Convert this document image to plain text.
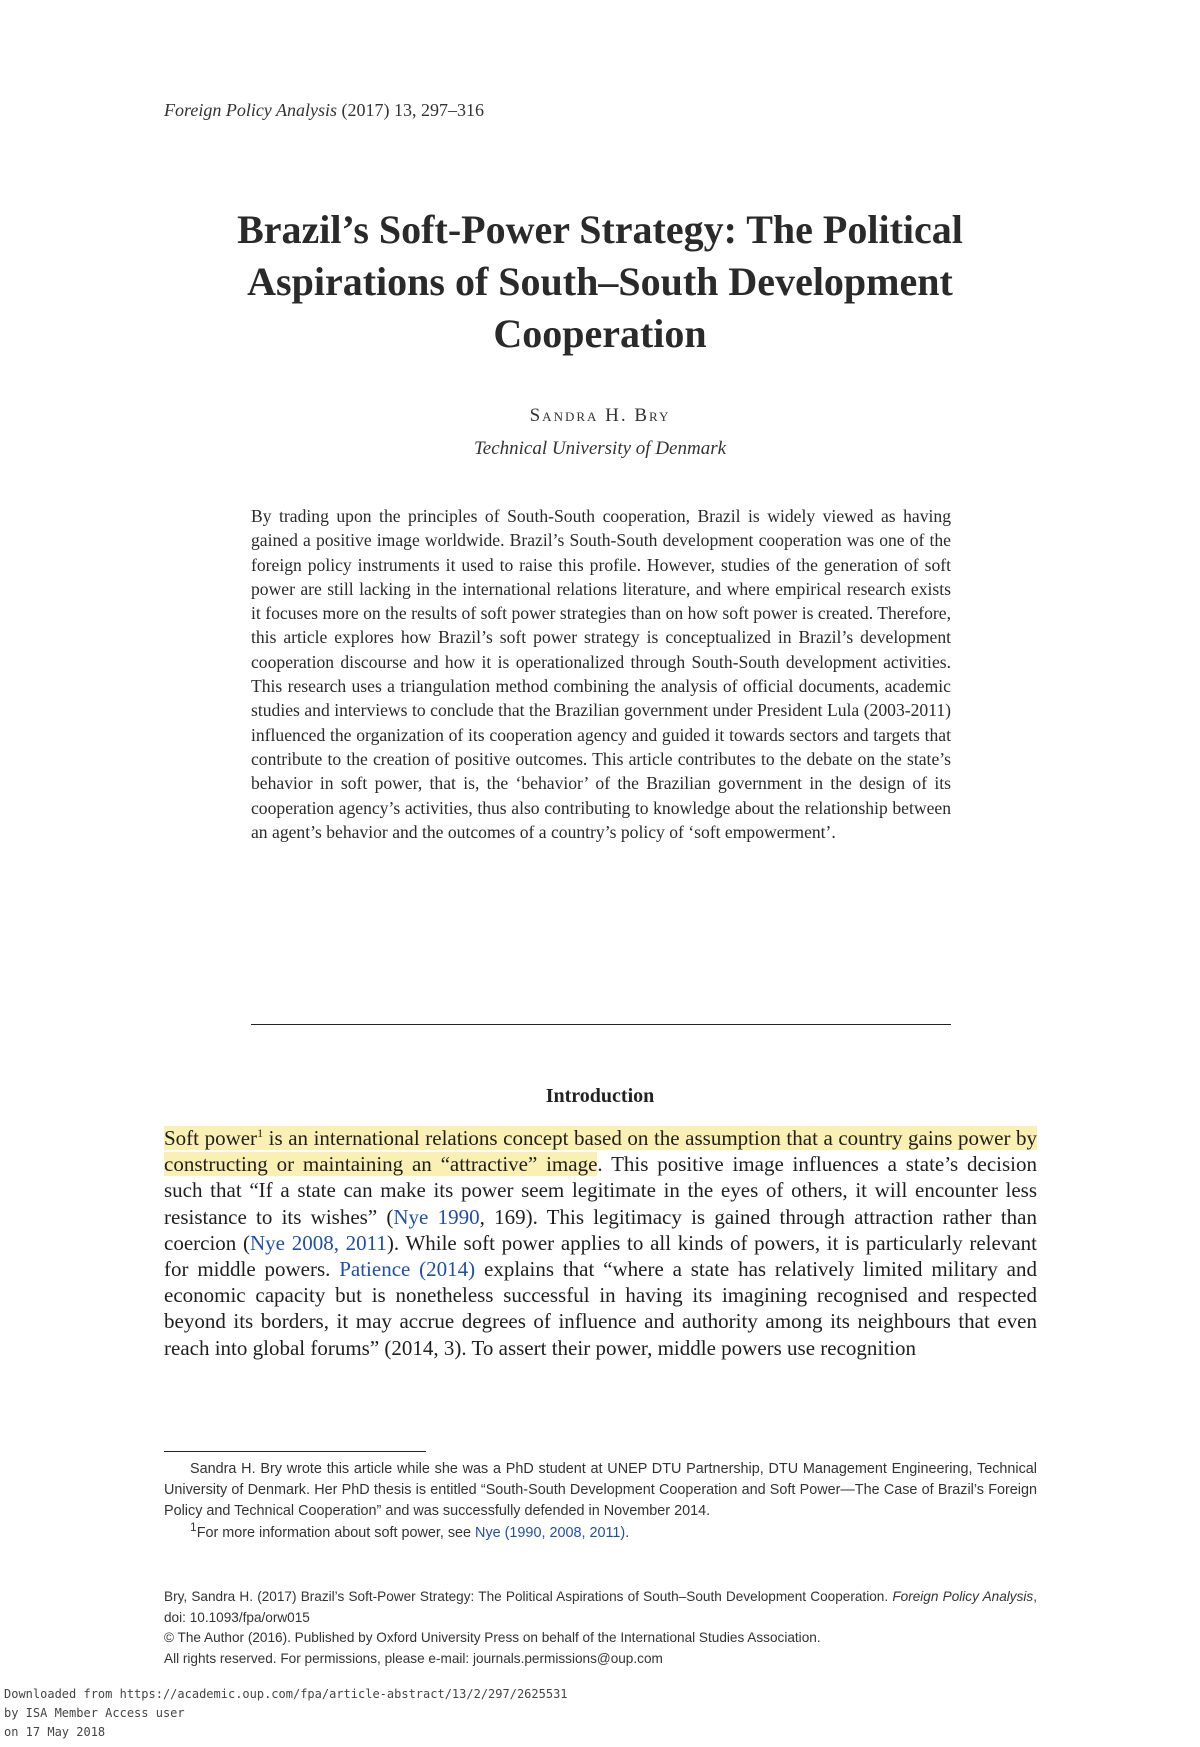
Foreign Policy Analysis (2017) 13, 297–316
Brazil’s Soft-Power Strategy: The Political
Aspirations of South–South Development
Cooperation
Sandra H. Bry
Technical University of Denmark
By trading upon the principles of South-South cooperation, Brazil is widely viewed as having gained a positive image worldwide. Brazil’s South-South development cooperation was one of the foreign policy instruments it used to raise this profile. However, studies of the generation of soft power are still lacking in the international relations literature, and where empirical research exists it focuses more on the results of soft power strategies than on how soft power is created. Therefore, this article explores how Brazil’s soft power strategy is conceptualized in Brazil’s development cooperation discourse and how it is operationalized through South-South development activities. This research uses a triangulation method combining the analysis of official documents, academic studies and interviews to conclude that the Brazilian government under President Lula (2003-2011) influenced the organization of its cooperation agency and guided it towards sectors and targets that contribute to the creation of positive outcomes. This article contributes to the debate on the state’s behavior in soft power, that is, the ‘behavior’ of the Brazilian government in the design of its cooperation agency’s activities, thus also contributing to knowledge about the relationship between an agent’s behavior and the outcomes of a country’s policy of ‘soft empowerment’.
Introduction
Soft power$^1$ is an international relations concept based on the assumption that a country gains power by constructing or maintaining an “attractive” image. This positive image influences a state’s decision such that “If a state can make its power seem legitimate in the eyes of others, it will encounter less resistance to its wishes” (Nye 1990, 169). This legitimacy is gained through attraction rather than coercion (Nye 2008, 2011). While soft power applies to all kinds of powers, it is particularly relevant for middle powers. Patience (2014) explains that “where a state has relatively limited military and economic capacity but is nonetheless successful in having its imagining recognised and respected beyond its borders, it may accrue degrees of influence and authority among its neighbours that even reach into global forums” (2014, 3). To assert their power, middle powers use recognition

Sandra H. Bry wrote this article while she was a PhD student at UNEP DTU Partnership, DTU Management Engineering, Technical University of Denmark. Her PhD thesis is entitled “South-South Development Cooperation and Soft Power—The Case of Brazil’s Foreign Policy and Technical Cooperation” and was successfully defended in November 2014.

$^1$For more information about soft power, see Nye (1990, 2008, 2011).

Bry, Sandra H. (2017) Brazil’s Soft-Power Strategy: The Political Aspirations of South–South Development Cooperation. Foreign Policy Analysis, doi: 10.1093/fpa/orw015

© The Author (2016). Published by Oxford University Press on behalf of the International Studies Association.

All rights reserved. For permissions, please e-mail: journals.permissions@oup.com

Downloaded from https://academic.oup.com/fpa/article-abstract/13/2/297/2625531
by ISA Member Access user
on 17 May 2018
